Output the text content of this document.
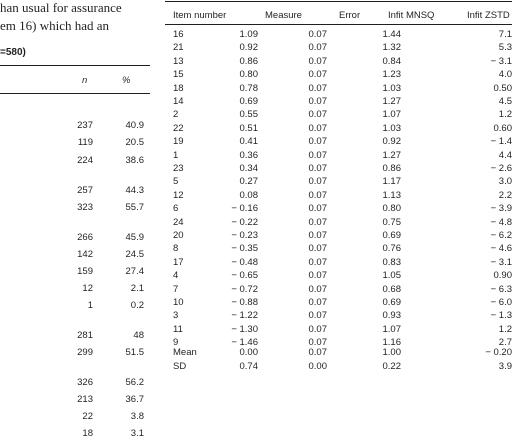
han usual for assurance
em 16) which had an
=580)
n	%
237	40.9
119	20.5
224	38.6
257	44.3
323	55.7
266	45.9
142	24.5
159	27.4
12	2.1
1	0.2
281	48
299	51.5
326	56.2
213	36.7
22	3.8
18	3.1
Item number	Measure	Error	Infit MNSQ	Infit ZSTD
16	1.09	0.07	1.44	7.1
21	0.92	0.07	1.32	5.3
13	0.86	0.07	0.84	− 3.1
15	0.80	0.07	1.23	4.0
18	0.78	0.07	1.03	0.50
14	0.69	0.07	1.27	4.5
2	0.55	0.07	1.07	1.2
22	0.51	0.07	1.03	0.60
19	0.41	0.07	0.92	− 1.4
1	0.36	0.07	1.27	4.4
23	0.34	0.07	0.86	− 2.6
5	0.27	0.07	1.17	3.0
12	0.08	0.07	1.13	2.2
6	− 0.16	0.07	0.80	− 3.9
24	− 0.22	0.07	0.75	− 4.8
20	− 0.23	0.07	0.69	− 6.2
8	− 0.35	0.07	0.76	− 4.6
17	− 0.48	0.07	0.83	− 3.1
4	− 0.65	0.07	1.05	0.90
7	− 0.72	0.07	0.68	− 6.3
10	− 0.88	0.07	0.69	− 6.0
3	− 1.22	0.07	0.93	− 1.3
11	− 1.30	0.07	1.07	1.2
9	− 1.46	0.07	1.16	2.7
Mean	0.00	0.07	1.00	− 0.20
SD	0.74	0.00	0.22	3.9
